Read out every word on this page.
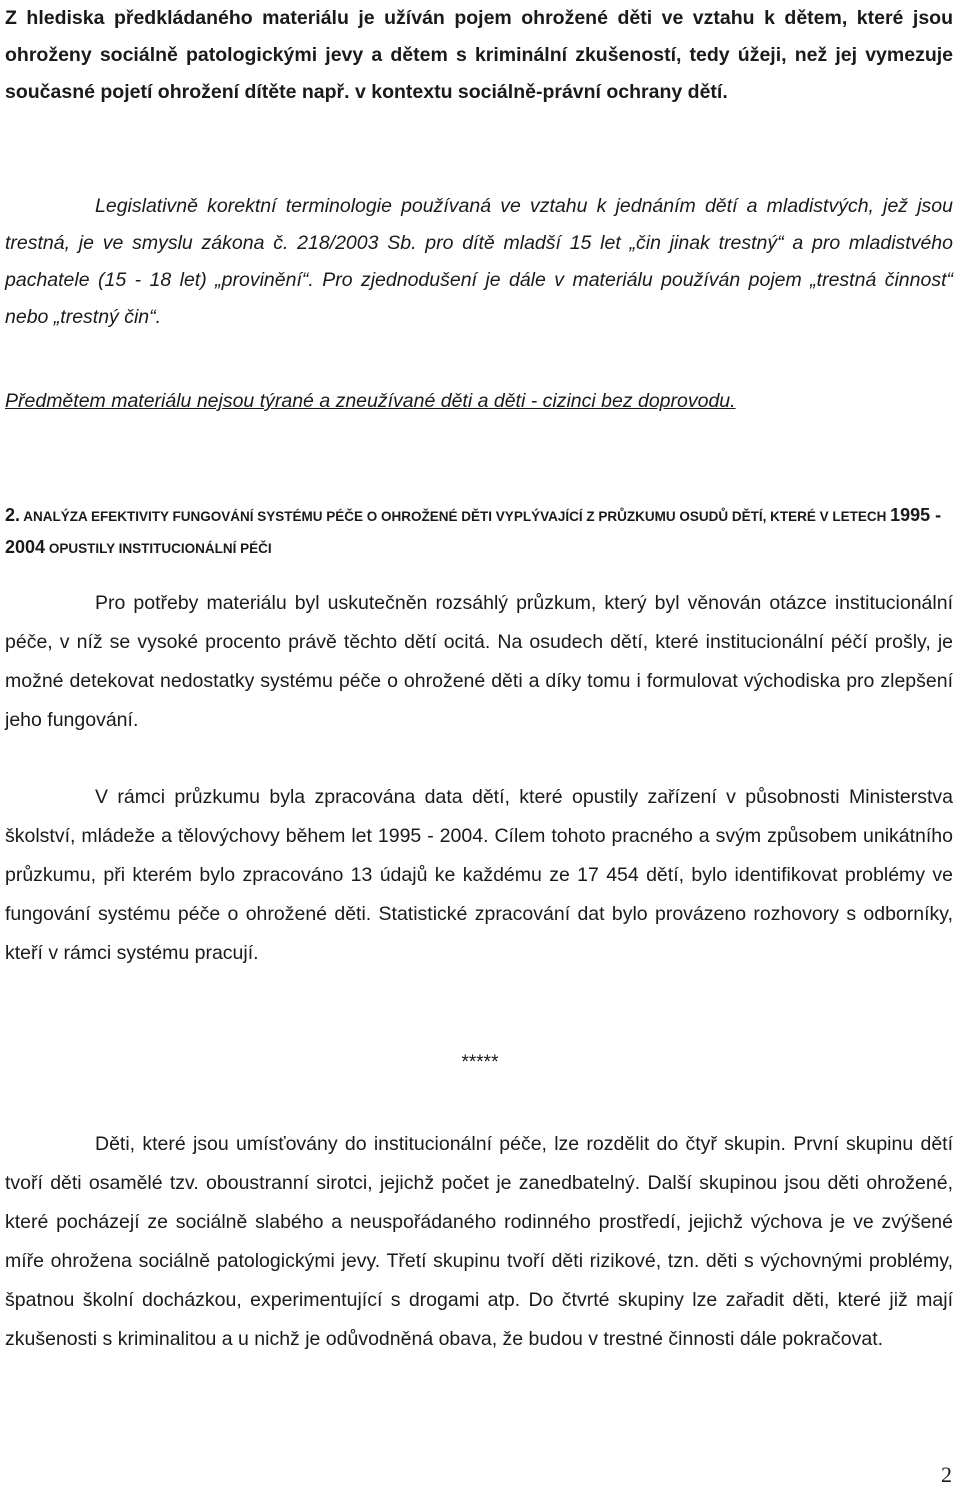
Z hlediska předkládaného materiálu je užíván pojem ohrožené děti ve vztahu k dětem, které jsou ohroženy sociálně patologickými jevy a dětem s kriminální zkušeností, tedy úžeji, než jej vymezuje současné pojetí ohrožení dítěte např. v kontextu sociálně-právní ochrany dětí.

Legislativně korektní terminologie používaná ve vztahu k jednáním dětí a mladistvých, jež jsou trestná, je ve smyslu zákona č. 218/2003 Sb. pro dítě mladší 15 let „čin jinak trestný“ a pro mladistvého pachatele (15 - 18 let) „provinění“. Pro zjednodušení je dále v materiálu používán pojem „trestná činnost“ nebo „trestný čin“.

Předmětem materiálu nejsou týrané a zneužívané děti a děti - cizinci bez doprovodu.

2. ANALÝZA EFEKTIVITY FUNGOVÁNÍ SYSTÉMU PÉČE O OHROŽENÉ DĚTI VYPLÝVAJÍCÍ Z PRŮZKUMU OSUDŮ DĚTÍ, KTERÉ V LETECH 1995 - 2004 OPUSTILY INSTITUCIONÁLNÍ PÉČI

Pro potřeby materiálu byl uskutečněn rozsáhlý průzkum, který byl věnován otázce institucionální péče, v níž se vysoké procento právě těchto dětí ocitá. Na osudech dětí, které institucionální péčí prošly, je možné detekovat nedostatky systému péče o ohrožené děti a díky tomu i formulovat východiska pro zlepšení jeho fungování.

V rámci průzkumu byla zpracována data dětí, které opustily zařízení v působnosti Ministerstva školství, mládeže a tělovýchovy během let 1995 - 2004. Cílem tohoto pracného a svým způsobem unikátního průzkumu, při kterém bylo zpracováno 13 údajů ke každému ze 17 454 dětí, bylo identifikovat problémy ve fungování systému péče o ohrožené děti. Statistické zpracování dat bylo provázeno rozhovory s odborníky, kteří v rámci systému pracují.

*****

Děti, které jsou umísťovány do institucionální péče, lze rozdělit do čtyř skupin. První skupinu dětí tvoří děti osamělé tzv. oboustranní sirotci, jejichž počet je zanedbatelný. Další skupinou jsou děti ohrožené, které pocházejí ze sociálně slabého a neuspořádaného rodinného prostředí, jejichž výchova je ve zvýšené míře ohrožena sociálně patologickými jevy. Třetí skupinu tvoří děti rizikové, tzn. děti s výchovnými problémy, špatnou školní docházkou, experimentující s drogami atp. Do čtvrté skupiny lze zařadit děti, které již mají zkušenosti s kriminalitou a u nichž je odůvodněná obava, že budou v trestné činnosti dále pokračovat.

2
